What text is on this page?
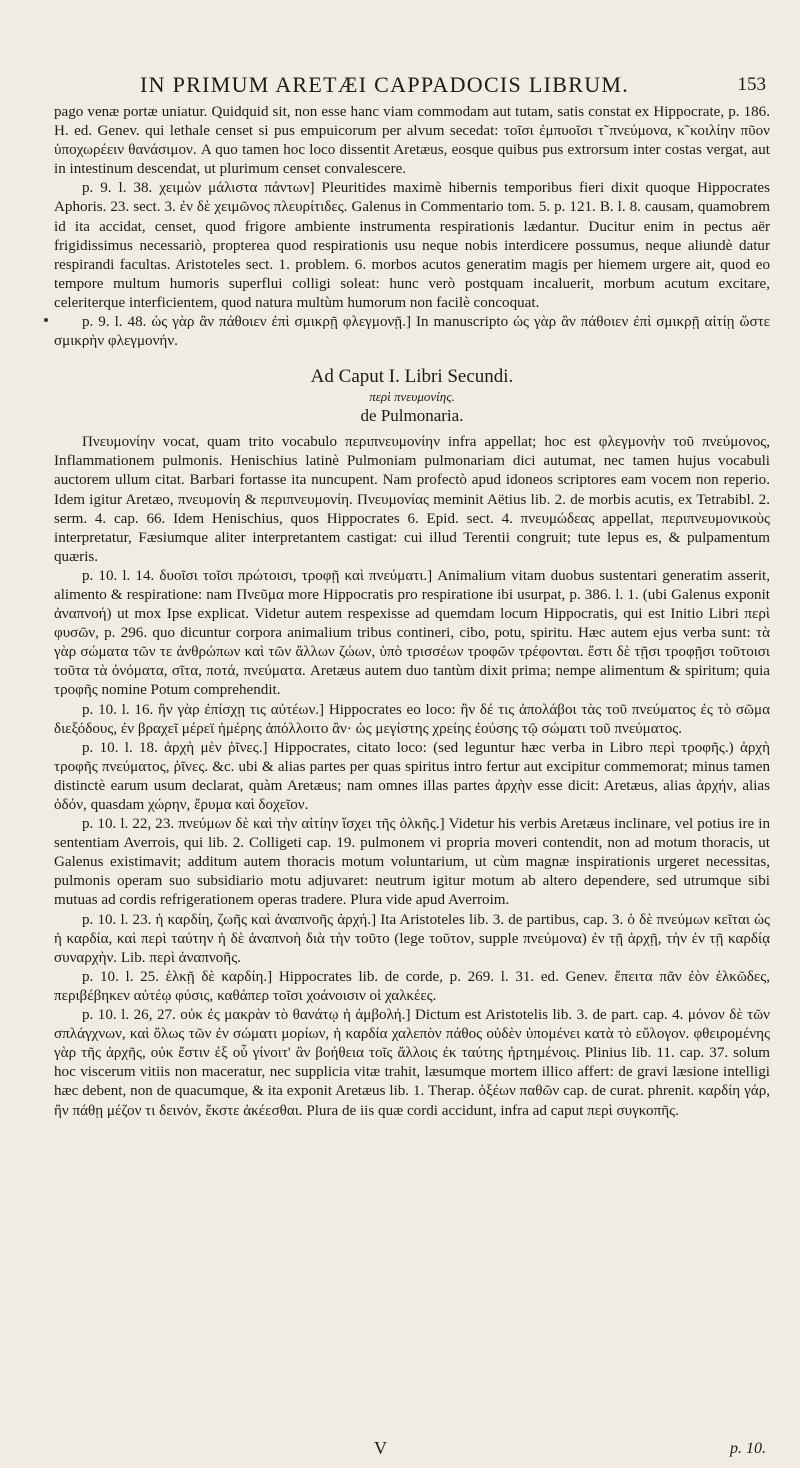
IN PRIMUM ARETÆI CAPPADOCIS LIBRUM.	153

pago venæ portæ uniatur. Quidquid sit, non esse hanc viam commodam aut tutam, satis constat ex Hippocrate, p. 186. H. ed. Genev. qui lethale censet si pus empuicorum per alvum secedat: τοῖσι ἐμπυοῖσι τ̃ πνεύμονα, κ̃ κοιλίην πῦον ὑποχωρέειν θανάσιμον. A quo tamen hoc loco dissentit Aretæus, eosque quibus pus extrorsum inter costas vergat, aut in intestinum descendat, ut plurimum censet convalescere.

p. 9. l. 38. χειμὼν μάλιστα πάντων] Pleuritides maximè hibernis temporibus fieri dixit quoque Hippocrates Aphoris. 23. sect. 3. ἐν δὲ χειμῶνος πλευρίτιδες. Galenus in Commentario tom. 5. p. 121. B. l. 8. causam, quamobrem id ita accidat, censet, quod frigore ambiente instrumenta respirationis lædantur. Ducitur enim in pectus aër frigidissimus necessariò, propterea quod respirationis usu neque nobis interdicere possumus, neque aliundè datur respirandi facultas. Aristoteles sect. 1. problem. 6. morbos acutos generatim magis per hiemem urgere ait, quod eo tempore multum humoris superflui colligi soleat: hunc verò postquam incaluerit, morbum acutum excitare, celeriterque interficientem, quod natura multùm humorum non facilè concoquat.

p. 9. l. 48. ὡς γὰρ ἂν πάθοιεν ἐπὶ σμικρῇ φλεγμονῇ.] In manuscripto ὡς γὰρ ἂν πάθοιεν ἐπὶ σμικρῇ αἰτίῃ ὥστε σμικρὴν φλεγμονήν.

Ad Caput I. Libri Secundi.
περὶ πνευμονίης.
de Pulmonaria.

Πνευμονίην vocat, quam trito vocabulo περιπνευμονίην infra appellat; hoc est φλεγμονὴν τοῦ πνεύμονος, Inflammationem pulmonis. Henischius latinè Pulmoniam pulmonariam dici autumat, nec tamen hujus vocabuli auctorem ullum citat. Barbari fortasse ita nuncupent. Nam profectò apud idoneos scriptores eam vocem non reperio. Idem igitur Aretæo, πνευμονίη & περιπνευμονίη. Πνευμονίας meminit Aëtius lib. 2. de morbis acutis, ex Tetrabibl. 2. serm. 4. cap. 66. Idem Henischius, quos Hippocrates 6. Epid. sect. 4. πνευμώδεας appellat, περιπνευμονικοὺς interpretatur, Fæsiumque aliter interpretantem castigat: cui illud Terentii congruit; tute lepus es, & pulpamentum quæris.

p. 10. l. 14. δυοῖσι τοῖσι πρώτοισι, τροφῇ καὶ πνεύματι.] Animalium vitam duobus sustentari generatim asserit, alimento & respiratione: nam Πνεῦμα more Hippocratis pro respiratione ibi usurpat, p. 386. l. 1. (ubi Galenus exponit ἀναπνοή) ut mox Ipse explicat. Videtur autem respexisse ad quemdam locum Hippocratis, qui est Initio Libri περὶ φυσῶν, p. 296. quo dicuntur corpora animalium tribus contineri, cibo, potu, spiritu. Hæc autem ejus verba sunt: τὰ γὰρ σώματα τῶν τε ἀνθρώπων καὶ τῶν ἄλλων ζώων, ὑπὸ τρισσέων τροφῶν τρέφονται. ἔστι δὲ τῇσι τροφῇσι τοῦτοισι τοῦτα τὰ ὀνόματα, σῖτα, ποτά, πνεύματα. Aretæus autem duo tantùm dixit prima; nempe alimentum & spiritum; quia τροφῆς nomine Potum comprehendit.

p. 10. l. 16. ἢν γὰρ ἐπίσχῃ τις αὐτέων.] Hippocrates eo loco: ἢν δέ τις ἀπολάβοι τὰς τοῦ πνεύματος ἐς τὸ σῶμα διεξόδους, ἐν βραχεῖ μέρεϊ ἡμέρης ἀπόλλοιτο ἂν· ὡς μεγίστης χρείης ἐούσης τῷ σώματι τοῦ πνεύματος.

p. 10. l. 18. ἀρχὴ μὲν ῥῖνες.] Hippocrates, citato loco: (sed leguntur hæc verba in Libro περὶ τροφῆς.) ἀρχὴ τροφῆς πνεύματος, ῥῖνες. &c. ubi & alias partes per quas spiritus intro fertur aut excipitur commemorat; minus tamen distinctè earum usum declarat, quàm Aretæus; nam omnes illas partes ἀρχὴν esse dicit: Aretæus, alias ἀρχήν, alias ὁδόν, quasdam χώρην, ἔρυμα καὶ δοχεῖον.

p. 10. l. 22, 23. πνεύμων δὲ καὶ τὴν αἰτίην ἴσχει τῆς ὁλκῆς.] Videtur his verbis Aretæus inclinare, vel potius ire in sententiam Averrois, qui lib. 2. Colligeti cap. 19. pulmonem vi propria moveri contendit, non ad motum thoracis, ut Galenus existimavit; additum autem thoracis motum voluntarium, ut cùm magnæ inspirationis urgeret necessitas, pulmonis operam suo subsidiario motu adjuvaret: neutrum igitur motum ab altero dependere, sed utrumque sibi mutuas ad cordis refrigerationem operas tradere. Plura vide apud Averroim.

p. 10. l. 23. ἡ καρδίη, ζωῆς καὶ ἀναπνοῆς ἀρχή.] Ita Aristoteles lib. 3. de partibus, cap. 3. ὁ δὲ πνεύμων κεῖται ὡς ἡ καρδία, καὶ περὶ ταύτην ἡ δὲ ἀναπνοὴ διὰ τὴν τοῦτο (lege τοῦτον, supple πνεύμονα) ἐν τῇ ἀρχῇ, τὴν ἐν τῇ καρδίᾳ συναρχὴν. Lib. περὶ ἀναπνοῆς.

p. 10. l. 25. ἑλκῇ δὲ καρδίη.] Hippocrates lib. de corde, p. 269. l. 31. ed. Genev. ἔπειτα πᾶν ἐὸν ἑλκῶδες, περιβέβηκεν αὐτέῳ φύσις, καθάπερ τοῖσι χοάνοισιν οἱ χαλκέες.

p. 10. l. 26, 27. οὐκ ἐς μακρὰν τὸ θανάτῳ ἡ ἀμβολή.] Dictum est Aristotelis lib. 3. de part. cap. 4. μόνον δὲ τῶν σπλάγχνων, καὶ ὅλως τῶν ἐν σώματι μορίων, ἡ καρδία χαλεπὸν πάθος οὐδὲν ὑπομένει κατὰ τὸ εὔλογον. φθειρομένης γὰρ τῆς ἀρχῆς, οὐκ ἔστιν ἐξ οὗ γίνοιτ' ἂν βοήθεια τοῖς ἄλλοις ἐκ ταύτης ἠρτημένοις. Plinius lib. 11. cap. 37. solum hoc viscerum vitiis non maceratur, nec supplicia vitæ trahit, læsumque mortem illico affert: de gravi læsione intelligi hæc debent, non de quacumque, & ita exponit Aretæus lib. 1. Therap. ὀξέων παθῶν cap. de curat. phrenit. καρδίη γάρ, ἢν πάθῃ μέζον τι δεινόν, ἔκστε ἀκέεσθαι. Plura de iis quæ cordi accidunt, infra ad caput περὶ συγκοπῆς.

V	p. 10.
